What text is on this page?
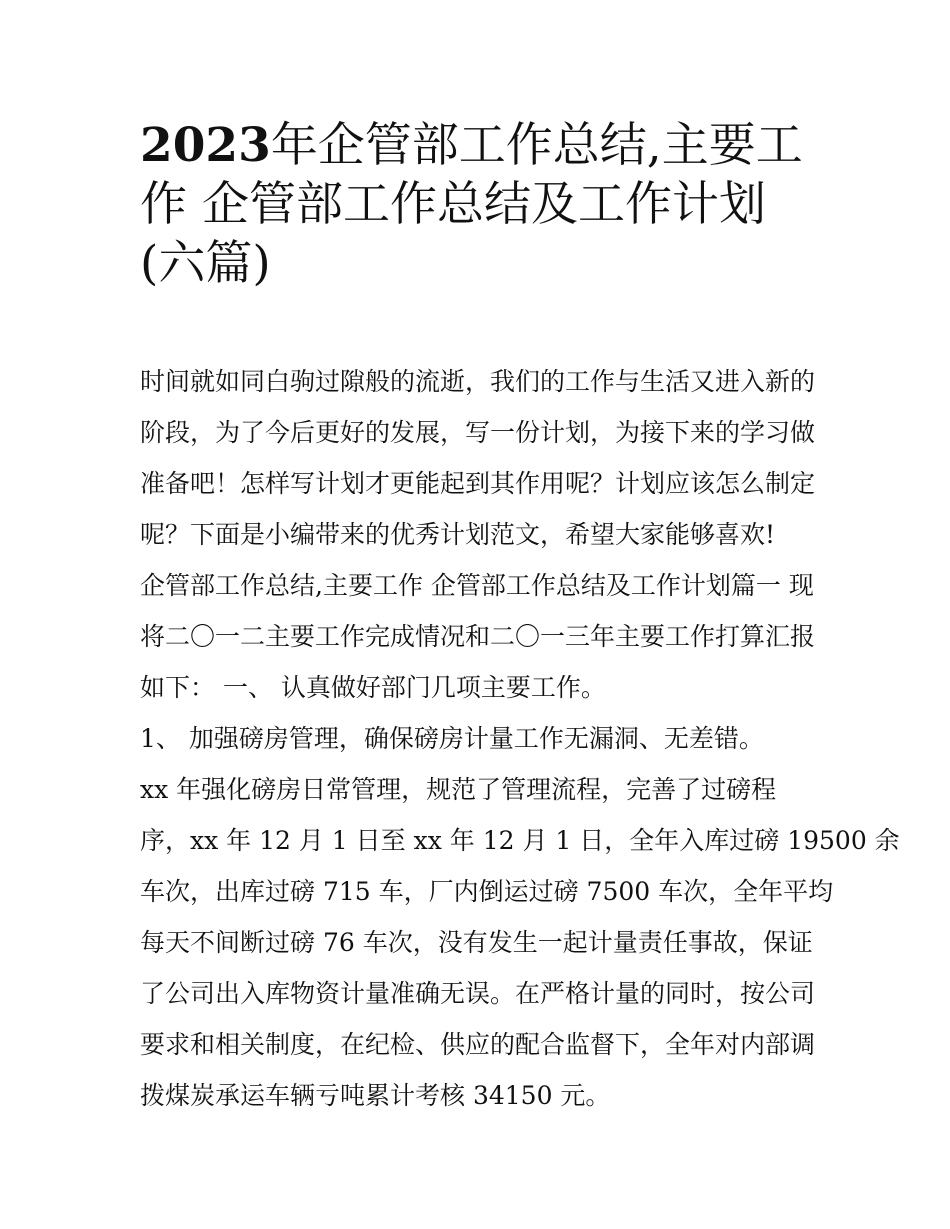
2023年企管部工作总结,主要工
作 企管部工作总结及工作计划
(六篇)
时间就如同白驹过隙般的流逝，我们的工作与生活又进入新的
阶段，为了今后更好的发展，写一份计划，为接下来的学习做
准备吧！怎样写计划才更能起到其作用呢？计划应该怎么制定
呢？下面是小编带来的优秀计划范文，希望大家能够喜欢!
企管部工作总结,主要工作 企管部工作总结及工作计划篇一 现
将二〇一二主要工作完成情况和二〇一三年主要工作打算汇报
如下： 一、 认真做好部门几项主要工作。
1、 加强磅房管理，确保磅房计量工作无漏洞、无差错。
xx 年强化磅房日常管理，规范了管理流程，完善了过磅程
序，xx 年 12 月 1 日至 xx 年 12 月 1 日，全年入库过磅 19500 余
车次，出库过磅 715 车，厂内倒运过磅 7500 车次，全年平均
每天不间断过磅 76 车次，没有发生一起计量责任事故，保证
了公司出入库物资计量准确无误。在严格计量的同时，按公司
要求和相关制度，在纪检、供应的配合监督下，全年对内部调
拨煤炭承运车辆亏吨累计考核 34150 元。
